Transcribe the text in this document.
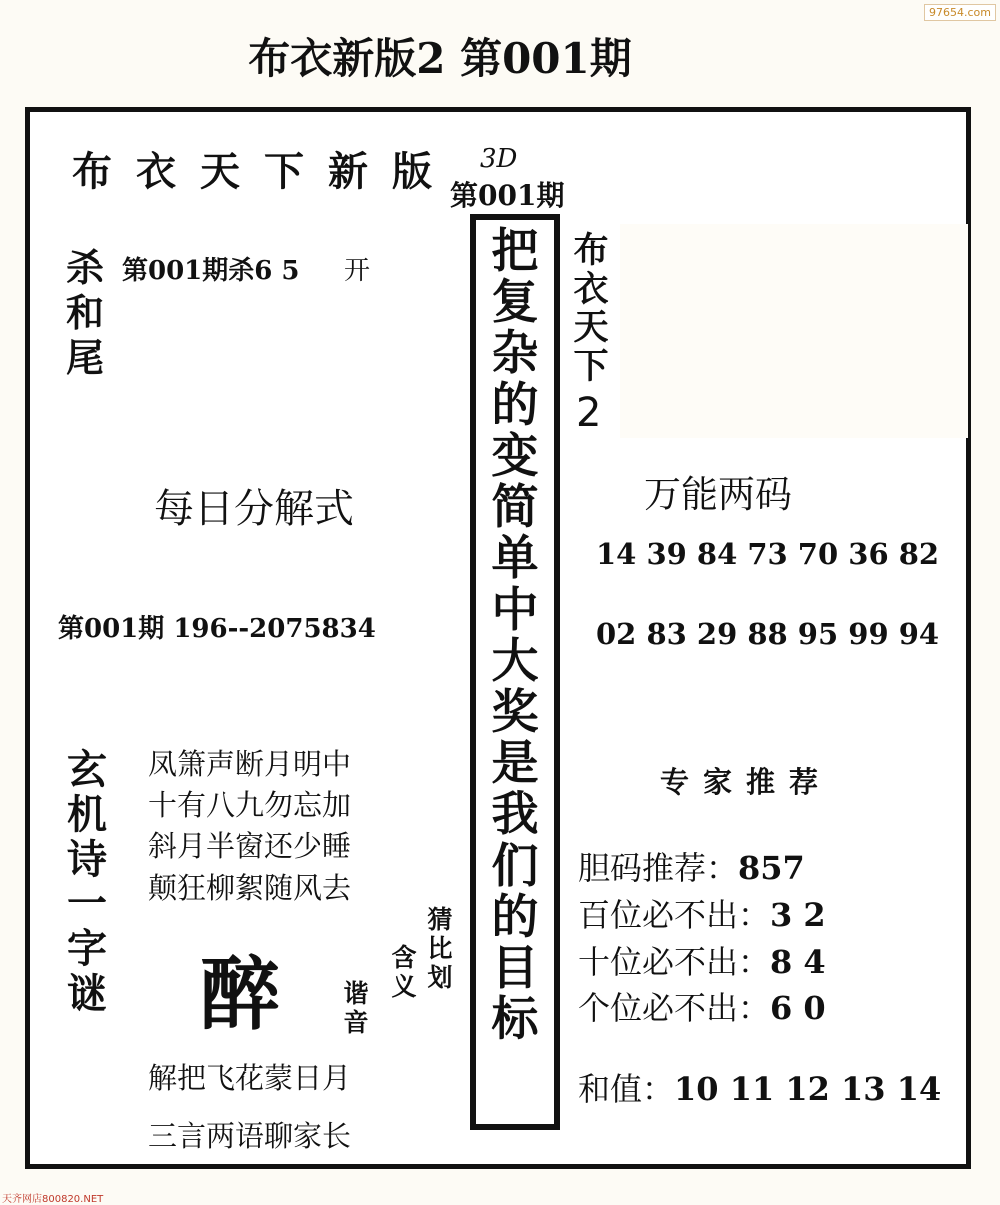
97654.com
布衣新版2 第001期
布衣天下新版 3D
第001期
杀
和
尾
第001期杀6 5 开
每日分解式
第001期 196--2075834
玄
机
诗
一
字
谜
凤箫声断月明中
十有八九勿忘加
斜月半窗还少睡
颠狂柳絮随风去
醉
猜
比
划
含
义
谐
音
解把飞花蒙日月
三言两语聊家长
把
复
杂
的
变
简
单
中
大
奖
是
我
们
的
目
标
布
衣
天
下
2
万能两码
14 39 84 73 70 36 82
02 83 29 88 95 99 94
专家推荐
胆码推荐：857
百位必不出：3 2
十位必不出：8 4
个位必不出：6 0
和值：10 11 12 13 14
天齐网店800820.NET
